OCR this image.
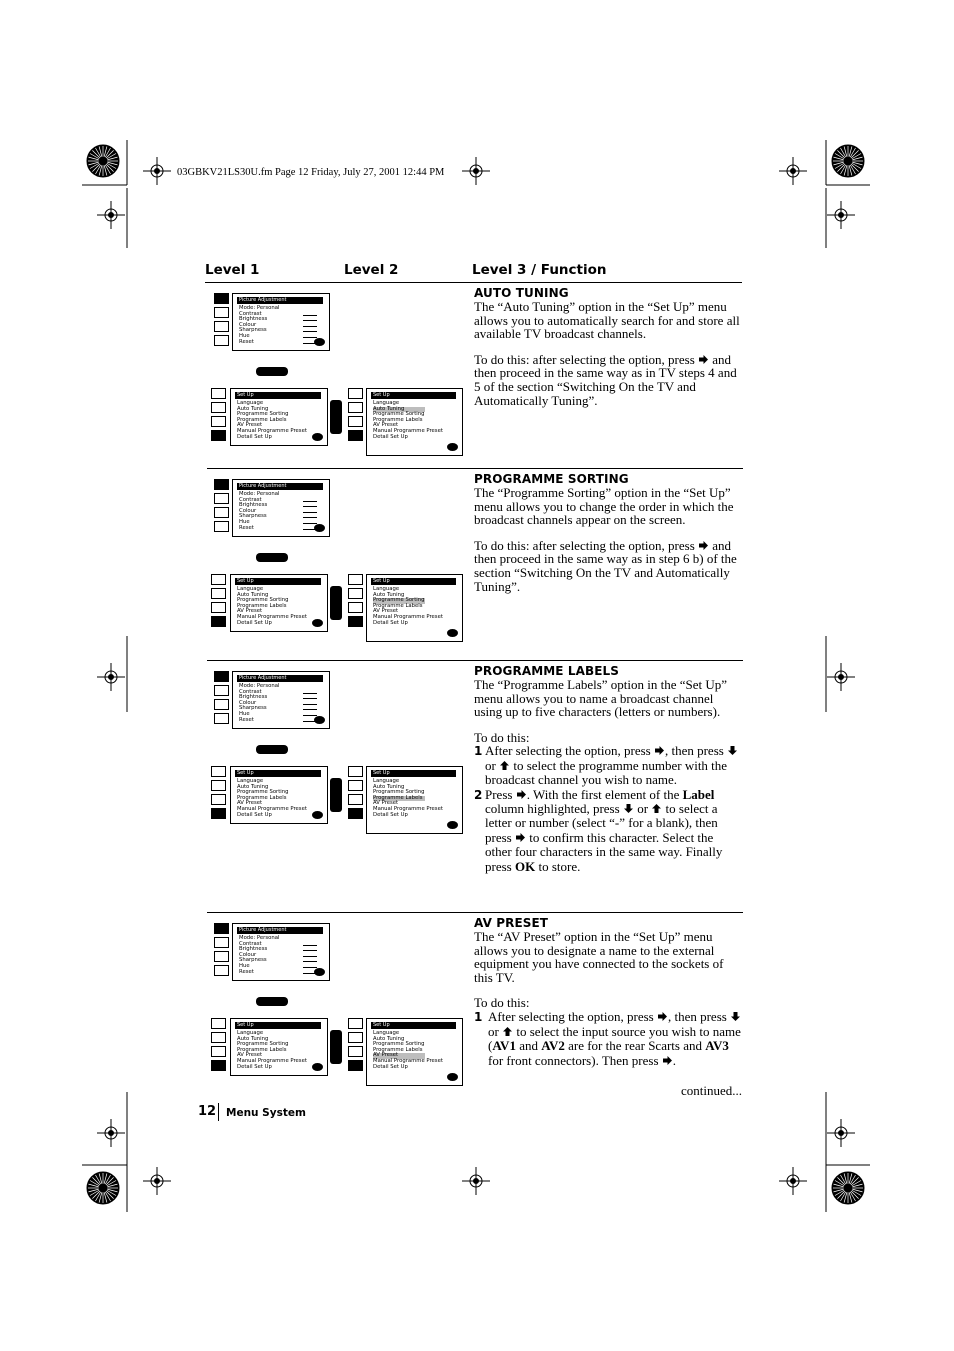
03GBKV21LS30U.fm Page 12 Friday, July 27, 2001 12:44 PM
Level 1	Level 2	Level 3 / Function
Picture Adjustment
Mode: Personal
Contrast
Brightness
Colour
Sharpness
Hue
Reset
Set Up
Language
Auto Tuning
Programme Sorting
Programme Labels
AV Preset
Manual Programme Preset
Detail Set Up
Set Up
Language
Auto Tuning
Programme Sorting
Programme Labels
AV Preset
Manual Programme Preset
Detail Set Up
Picture Adjustment
Mode: Personal
Contrast
Brightness
Colour
Sharpness
Hue
Reset
Set Up
Language
Auto Tuning
Programme Sorting
Programme Labels
AV Preset
Manual Programme Preset
Detail Set Up
Set Up
Language
Auto Tuning
Programme Sorting
Programme Labels
AV Preset
Manual Programme Preset
Detail Set Up
Picture Adjustment
Mode: Personal
Contrast
Brightness
Colour
Sharpness
Hue
Reset
Set Up
Language
Auto Tuning
Programme Sorting
Programme Labels
AV Preset
Manual Programme Preset
Detail Set Up
Set Up
Language
Auto Tuning
Programme Sorting
Programme Labels
AV Preset
Manual Programme Preset
Detail Set Up
Picture Adjustment
Mode: Personal
Contrast
Brightness
Colour
Sharpness
Hue
Reset
Set Up
Language
Auto Tuning
Programme Sorting
Programme Labels
AV Preset
Manual Programme Preset
Detail Set Up
Set Up
Language
Auto Tuning
Programme Sorting
Programme Labels
AV Preset
Manual Programme Preset
Detail Set Up
AUTO TUNING

The “Auto Tuning” option in the “Set Up” menu allows you to automatically search for and store all available TV broadcast channels.

To do this: after selecting the option, press and then proceed in the same way as in TV steps 4 and 5 of the section “Switching On the TV and Automatically Tuning”.

PROGRAMME SORTING

The “Programme Sorting” option in the “Set Up” menu allows you to change the order in which the broadcast channels appear on the screen.

To do this: after selecting the option, press and then proceed in the same way as in step 6 b) of the section “Switching On the TV and Automatically Tuning”.

PROGRAMME LABELS

The “Programme Labels” option in the “Set Up” menu allows you to name a broadcast channel using up to five characters (letters or numbers).

To do this:

1 After selecting the option, press , then press  or to select the programme number with the broadcast channel you wish to name.
2 Press . With the first element of the Label column highlighted, press or to select a letter or number (select “-” for a blank), then press to confirm this character. Select the other four characters in the same way. Finally press OK to store.
AV PRESET

The “AV Preset” option in the “Set Up” menu allows you to designate a name to the external equipment you have connected to the sockets of this TV.

To do this:

1 After selecting the option, press , then press  or to select the input source you wish to name (AV1 and AV2 are for the rear Scarts and AV3 for front connectors). Then press .
continued...
12 Menu System
